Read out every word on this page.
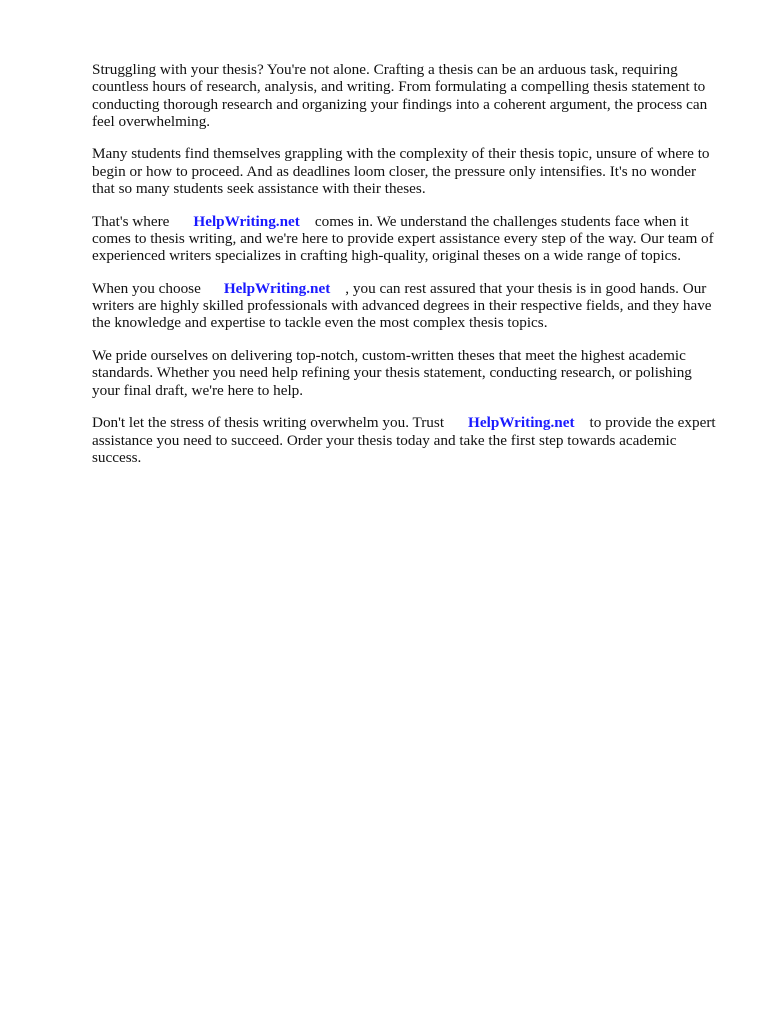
Struggling with your thesis? You're not alone. Crafting a thesis can be an arduous task, requiring countless hours of research, analysis, and writing. From formulating a compelling thesis statement to conducting thorough research and organizing your findings into a coherent argument, the process can feel overwhelming.

Many students find themselves grappling with the complexity of their thesis topic, unsure of where to begin or how to proceed. And as deadlines loom closer, the pressure only intensifies. It's no wonder that so many students seek assistance with their theses.

That's where HelpWriting.net comes in. We understand the challenges students face when it comes to thesis writing, and we're here to provide expert assistance every step of the way. Our team of experienced writers specializes in crafting high-quality, original theses on a wide range of topics.

When you choose HelpWriting.net , you can rest assured that your thesis is in good hands. Our writers are highly skilled professionals with advanced degrees in their respective fields, and they have the knowledge and expertise to tackle even the most complex thesis topics.

We pride ourselves on delivering top-notch, custom-written theses that meet the highest academic standards. Whether you need help refining your thesis statement, conducting research, or polishing your final draft, we're here to help.

Don't let the stress of thesis writing overwhelm you. Trust HelpWriting.net to provide the expert assistance you need to succeed. Order your thesis today and take the first step towards academic success.
